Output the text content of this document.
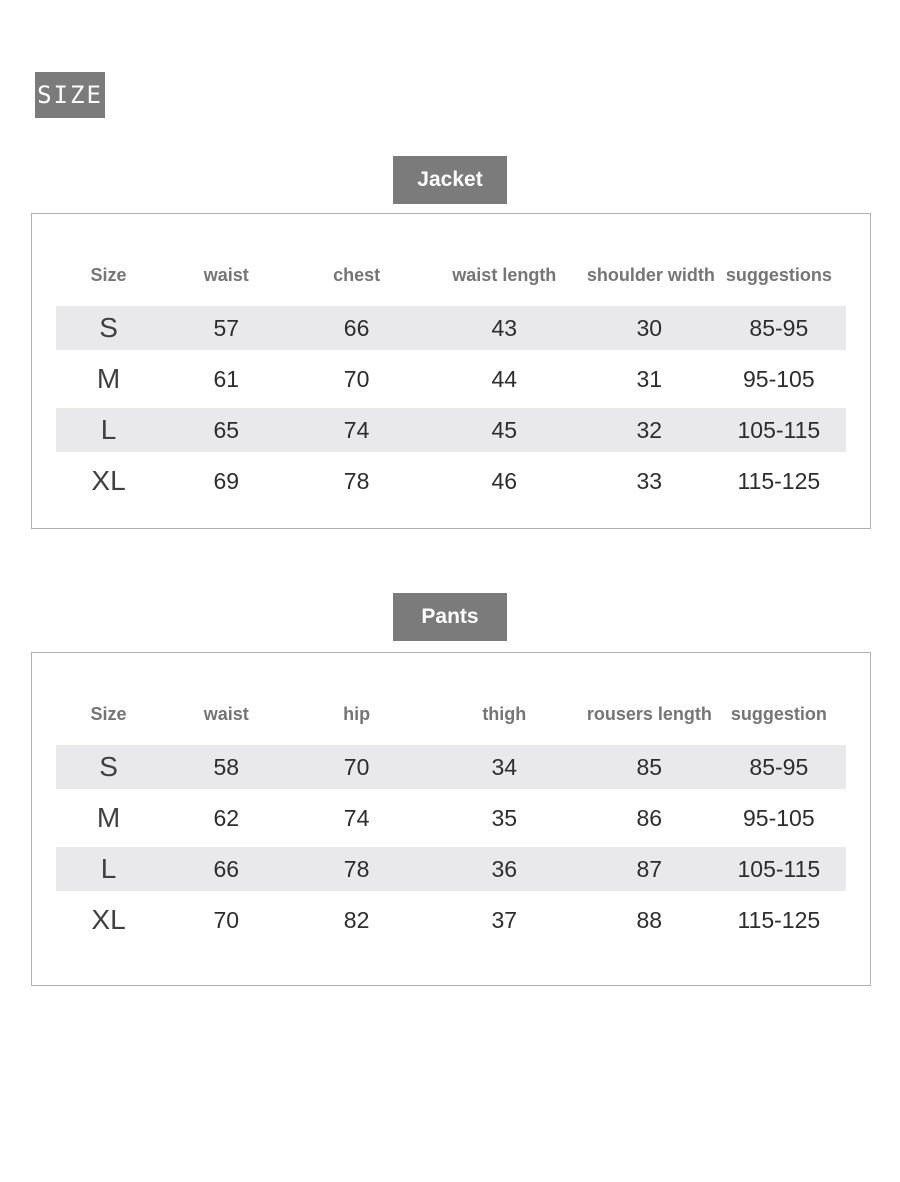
SIZE
Jacket
Size	waist	chest	waist length	shoulder width	suggestions
S	57	66	43	30	85-95
M	61	70	44	31	95-105
L	65	74	45	32	105-115
XL	69	78	46	33	115-125
Pants
Size	waist	hip	thigh	rousers length	suggestion
S	58	70	34	85	85-95
M	62	74	35	86	95-105
L	66	78	36	87	105-115
XL	70	82	37	88	115-125
